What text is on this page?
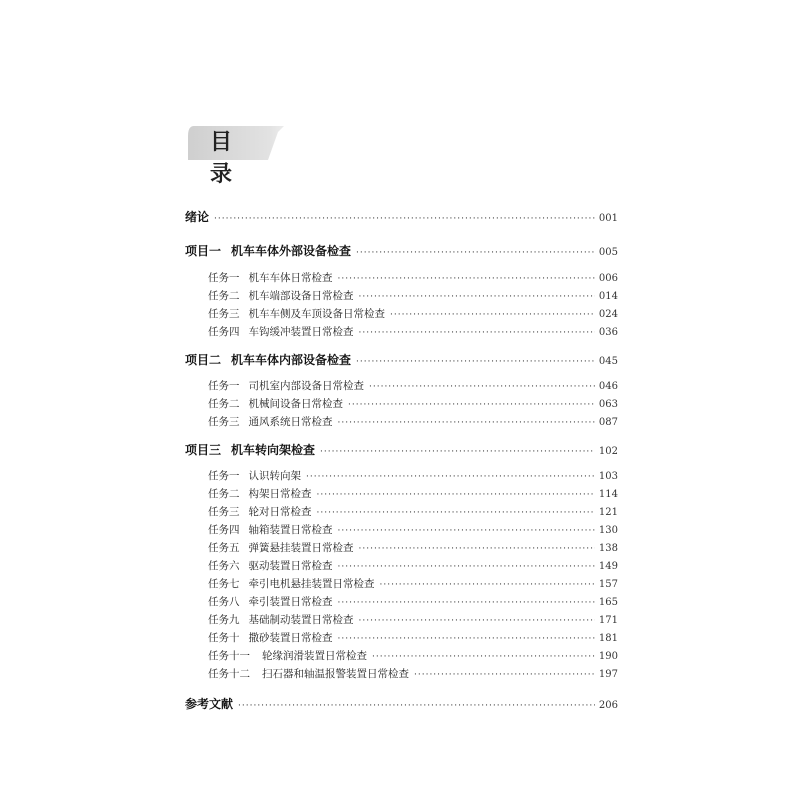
目 录
绪论 ·····	001
项目一 机车车体外部设备检查 ·····	005
任务一 机车车体日常检查 ·····	006
任务二 机车端部设备日常检查 ·····	014
任务三 机车车侧及车顶设备日常检查 ·····	024
任务四 车钩缓冲装置日常检查 ·····	036
项目二 机车车体内部设备检查 ·····	045
任务一 司机室内部设备日常检查 ·····	046
任务二 机械间设备日常检查 ·····	063
任务三 通风系统日常检查 ·····	087
项目三 机车转向架检查 ·····	102
任务一 认识转向架 ·····	103
任务二 构架日常检查 ·····	114
任务三 轮对日常检查 ·····	121
任务四 轴箱装置日常检查 ·····	130
任务五 弹簧悬挂装置日常检查 ·····	138
任务六 驱动装置日常检查 ·····	149
任务七 牵引电机悬挂装置日常检查 ·····	157
任务八 牵引装置日常检查 ·····	165
任务九 基础制动装置日常检查 ·····	171
任务十 撒砂装置日常检查 ·····	181
任务十一 轮缘润滑装置日常检查 ·····	190
任务十二 扫石器和轴温报警装置日常检查 ·····	197
参考文献 ·····	206
